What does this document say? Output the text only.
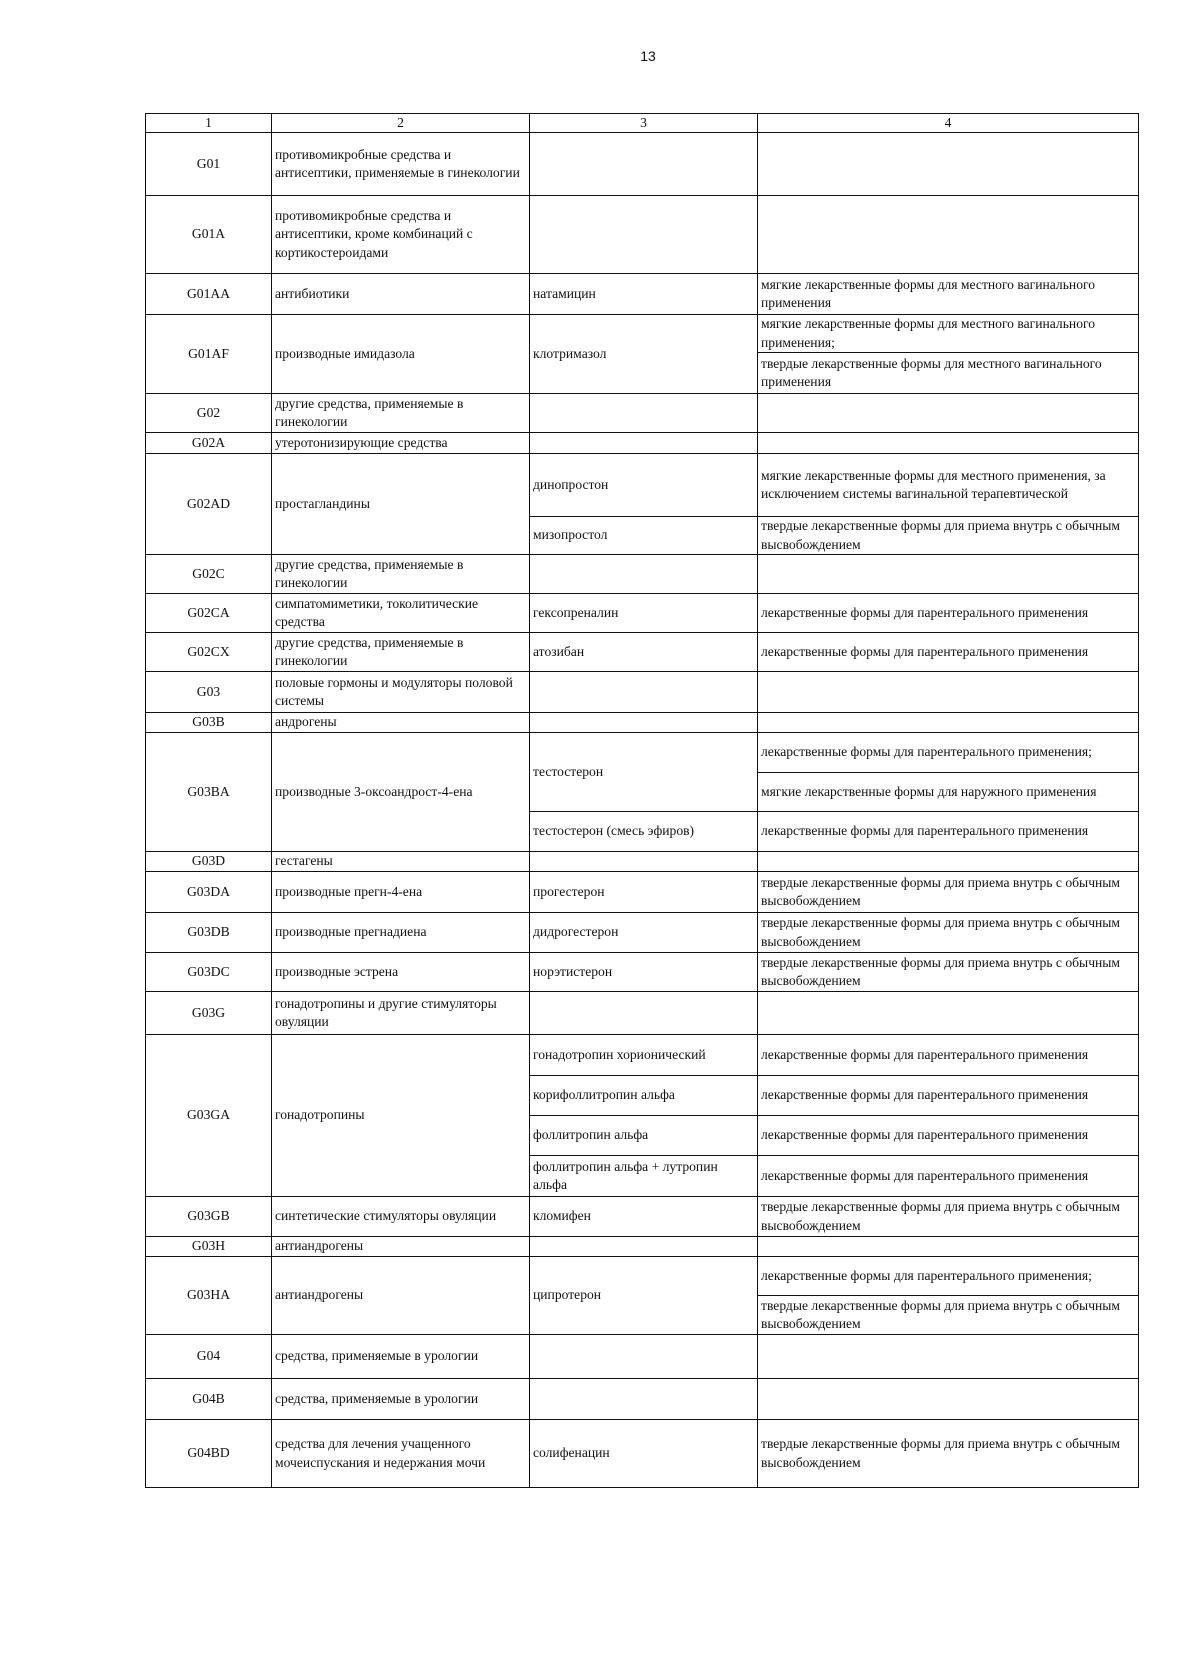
13
1	2	3	4
G01	противомикробные средства и антисептики, применяемые в гинекологии		
G01A	противомикробные средства и антисептики, кроме комбинаций с кортикостероидами		
G01AA	антибиотики	натамицин	мягкие лекарственные формы для местного вагинального применения
G01AF	производные имидазола	клотримазол	мягкие лекарственные формы для местного вагинального применения;
			твердые лекарственные формы для местного вагинального применения
G02	другие средства, применяемые в гинекологии		
G02A	утеротонизирующие средства		
G02AD	простагландины	динопростон	мягкие лекарственные формы для местного применения, за исключением системы вагинальной терапевтической
		мизопростол	твердые лекарственные формы для приема внутрь с обычным высвобождением
G02C	другие средства, применяемые в гинекологии		
G02CA	симпатомиметики, токолитические средства	гексопреналин	лекарственные формы для парентерального применения
G02CX	другие средства, применяемые в гинекологии	атозибан	лекарственные формы для парентерального применения
G03	половые гормоны и модуляторы половой системы		
G03B	андрогены		
G03BA	производные 3-оксоандрост-4-ена	тестостерон	лекарственные формы для парентерального применения;
			мягкие лекарственные формы для наружного применения
		тестостерон (смесь эфиров)	лекарственные формы для парентерального применения
G03D	гестагены		
G03DA	производные прегн-4-ена	прогестерон	твердые лекарственные формы для приема внутрь с обычным высвобождением
G03DB	производные прегнадиена	дидрогестерон	твердые лекарственные формы для приема внутрь с обычным высвобождением
G03DC	производные эстрена	норэтистерон	твердые лекарственные формы для приема внутрь с обычным высвобождением
G03G	гонадотропины и другие стимуляторы овуляции		
G03GA	гонадотропины	гонадотропин хорионический	лекарственные формы для парентерального применения
		корифоллитропин альфа	лекарственные формы для парентерального применения
		фоллитропин альфа	лекарственные формы для парентерального применения
		фоллитропин альфа + лутропин альфа	лекарственные формы для парентерального применения
G03GB	синтетические стимуляторы овуляции	кломифен	твердые лекарственные формы для приема внутрь с обычным высвобождением
G03H	антиандрогены		
G03HA	антиандрогены	ципротерон	лекарственные формы для парентерального применения;
			твердые лекарственные формы для приема внутрь с обычным высвобождением
G04	средства, применяемые в урологии		
G04B	средства, применяемые в урологии		
G04BD	средства для лечения учащенного мочеиспускания и недержания мочи	солифенацин	твердые лекарственные формы для приема внутрь с обычным высвобождением
